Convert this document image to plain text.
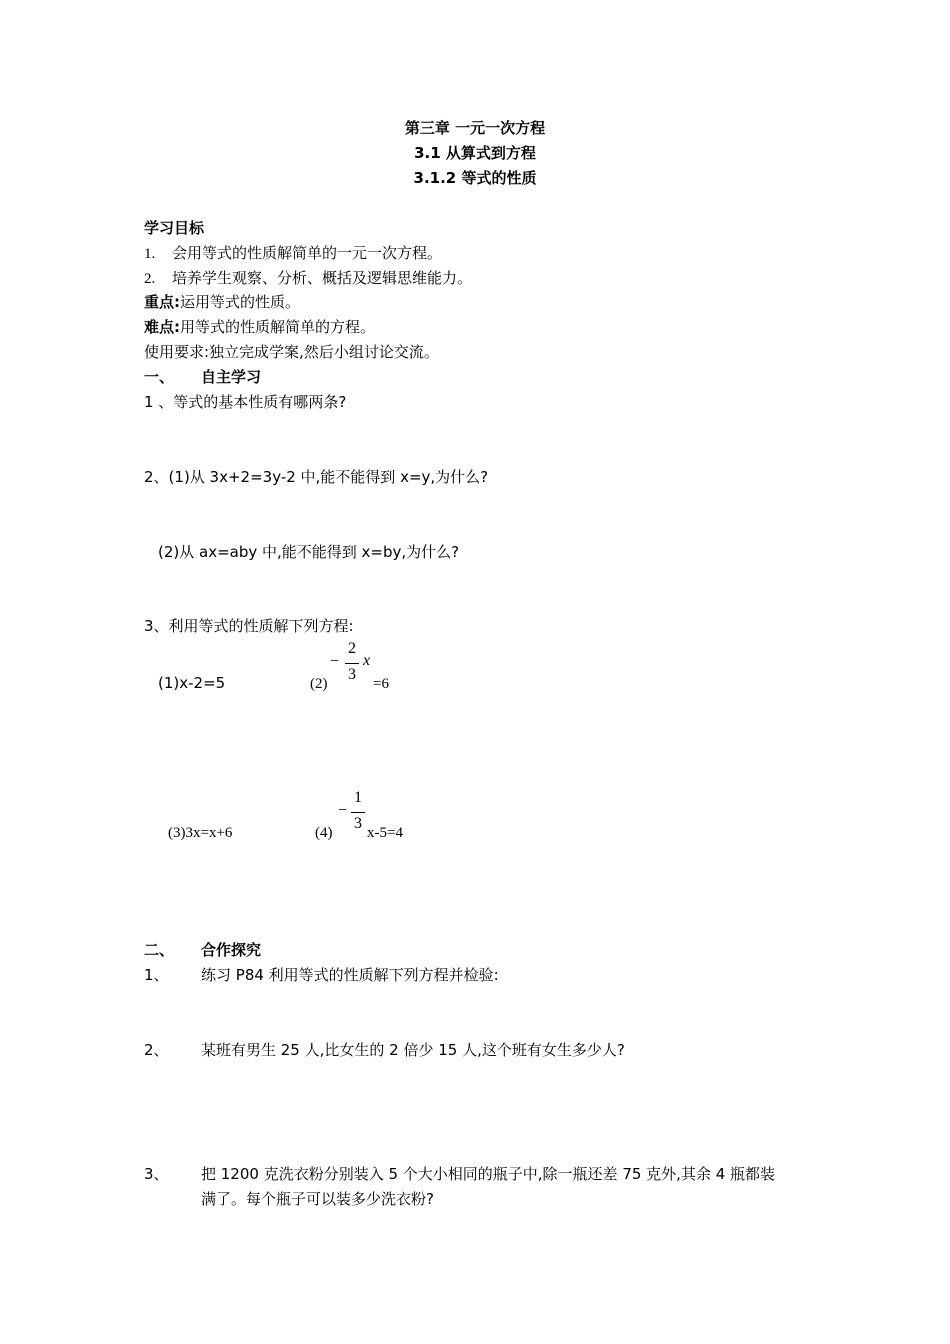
第三章 一元一次方程
3.1 从算式到方程
3.1.2 等式的性质
学习目标
1. 会用等式的性质解简单的一元一次方程。
2. 培养学生观察、分析、概括及逻辑思维能力。
重点:运用等式的性质。
难点:用等式的性质解简单的方程。
使用要求:独立完成学案,然后小组讨论交流。
一、 自主学习
1 、等式的基本性质有哪两条?
2、(1)从 3x+2=3y-2 中,能不能得到 x=y,为什么?
(2)从 ax=aby 中,能不能得到 x=by,为什么?
3、利用等式的性质解下列方程:
(1)x-2=5	(2)
−
2
3
x
=6
(3)3x=x+6	(4)
−
1
3
x-5=4
二、 合作探究
1、 练习 P84 利用等式的性质解下列方程并检验:
2、 某班有男生 25 人,比女生的 2 倍少 15 人,这个班有女生多少人?
3、 把 1200 克洗衣粉分别装入 5 个大小相同的瓶子中,除一瓶还差 75 克外,其余 4 瓶都装
满了。每个瓶子可以装多少洗衣粉?
